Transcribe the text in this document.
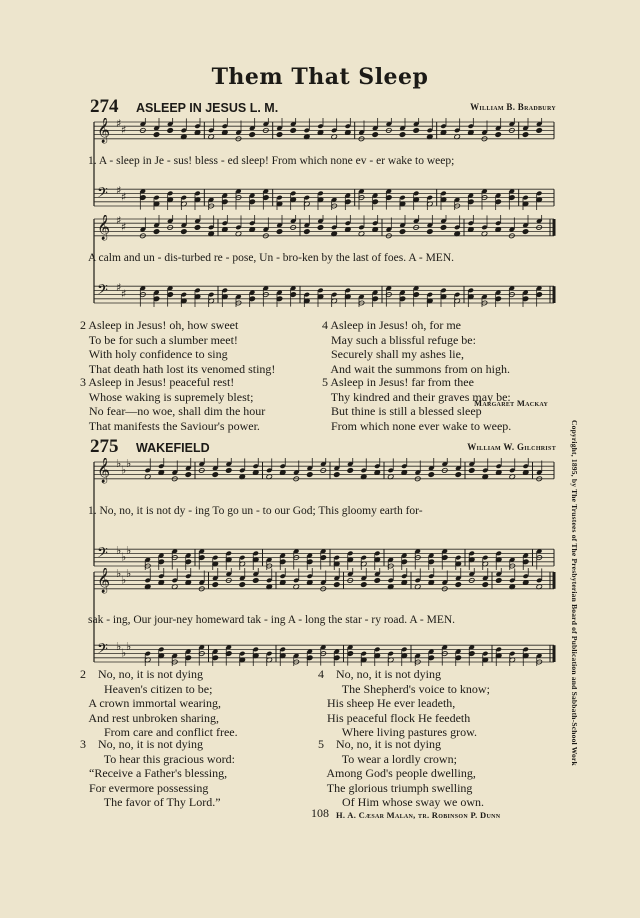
Them That Sleep
274 ASLEEP IN JESUS L. M.	William B. Bradbury
𝄞 ♯ ♯
𝄢 ♯ ♯
1. A - sleep in Je - sus! bless - ed sleep! From which none ev - er wake to weep;
𝄞 ♯ ♯
𝄢 ♯ ♯
A calm and un - dis-turbed re - pose, Un - bro-ken by the last of foes. A - MEN.
2 Asleep in Jesus! oh, how sweet
To be for such a slumber meet!
With holy confidence to sing
That death hath lost its venomed sting!
3 Asleep in Jesus! peaceful rest!
Whose waking is supremely blest;
No fear—no woe, shall dim the hour
That manifests the Saviour's power.
4 Asleep in Jesus! oh, for me
May such a blissful refuge be:
Securely shall my ashes lie,
And wait the summons from on high.
5 Asleep in Jesus! far from thee
Thy kindred and their graves may be:
But thine is still a blessed sleep
From which none ever wake to weep.
Margaret Mackay
275 WAKEFIELD	William W. Gilchrist
𝄞 ♭ ♭ ♭
𝄢 ♭ ♭ ♭
1. No, no, it is not dy - ing To go un - to our God; This gloomy earth for-
𝄞 ♭ ♭ ♭
𝄢 ♭ ♭ ♭
sak - ing, Our jour-ney homeward tak - ing A - long the star - ry road. A - MEN.
2    No, no, it is not dying
Heaven's citizen to be;
A crown immortal wearing,
And rest unbroken sharing,
From care and conflict free.
3    No, no, it is not dying
To hear this gracious word:
“Receive a Father's blessing,
For evermore possessing
The favor of Thy Lord.”
4    No, no, it is not dying
The Shepherd's voice to know;
His sheep He ever leadeth,
His peaceful flock He feedeth
Where living pastures grow.
5    No, no, it is not dying
To wear a lordly crown;
Among God's people dwelling,
The glorious triumph swelling
Of Him whose sway we own.
H. A. Cæsar Malan, tr. Robinson P. Dunn
108
Copyright, 1895, by The Trustees of The Presbyterian Board of Publication and Sabbath-School Work
